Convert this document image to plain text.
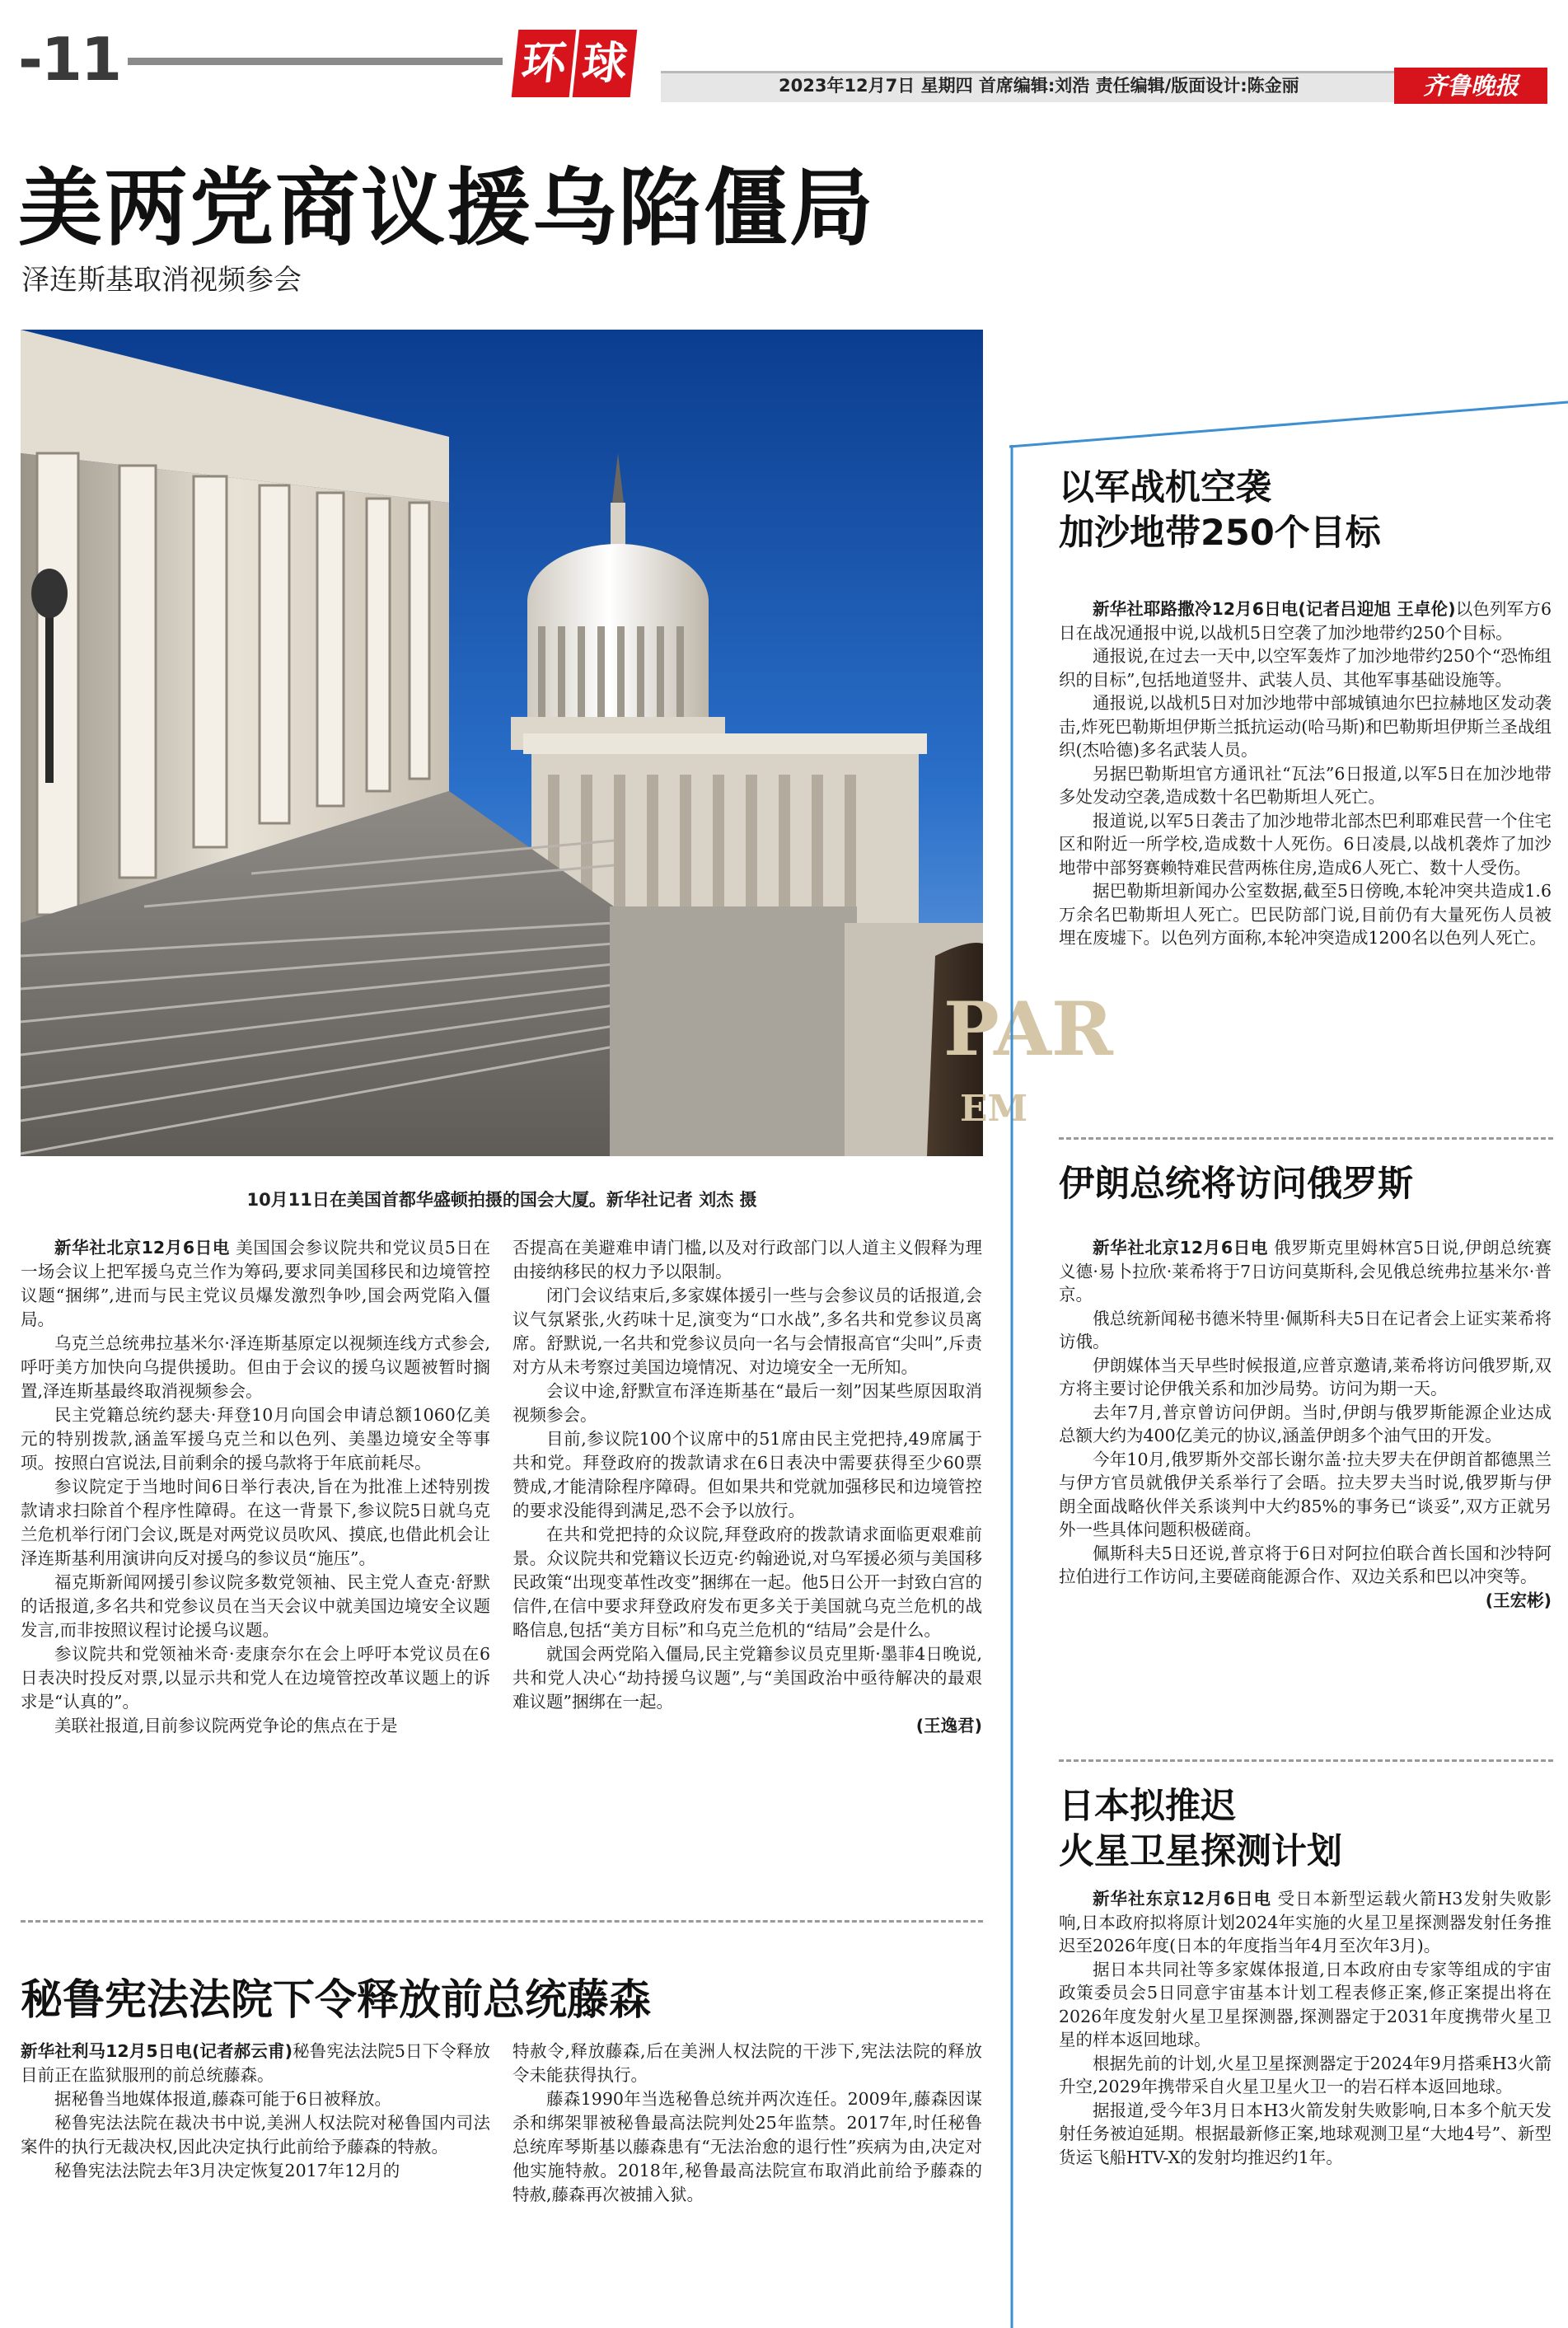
-11	环 球	2023年12月7日 星期四 首席编辑:刘浩 责任编辑/版面设计:陈金丽	齐鲁晚报
美两党商议援乌陷僵局
泽连斯基取消视频参会
PAR
EM
10月11日在美国首都华盛顿拍摄的国会大厦。新华社记者 刘杰 摄

新华社北京12月6日电 美国国会参议院共和党议员5日在一场会议上把军援乌克兰作为筹码,要求同美国移民和边境管控议题“捆绑”,进而与民主党议员爆发激烈争吵,国会两党陷入僵局。

乌克兰总统弗拉基米尔·泽连斯基原定以视频连线方式参会,呼吁美方加快向乌提供援助。但由于会议的援乌议题被暂时搁置,泽连斯基最终取消视频参会。

民主党籍总统约瑟夫·拜登10月向国会申请总额1060亿美元的特别拨款,涵盖军援乌克兰和以色列、美墨边境安全等事项。按照白宫说法,目前剩余的援乌款将于年底前耗尽。

参议院定于当地时间6日举行表决,旨在为批准上述特别拨款请求扫除首个程序性障碍。在这一背景下,参议院5日就乌克兰危机举行闭门会议,既是对两党议员吹风、摸底,也借此机会让泽连斯基利用演讲向反对援乌的参议员“施压”。

福克斯新闻网援引参议院多数党领袖、民主党人查克·舒默的话报道,多名共和党参议员在当天会议中就美国边境安全议题发言,而非按照议程讨论援乌议题。

参议院共和党领袖米奇·麦康奈尔在会上呼吁本党议员在6日表决时投反对票,以显示共和党人在边境管控改革议题上的诉求是“认真的”。

美联社报道,目前参议院两党争论的焦点在于是

否提高在美避难申请门槛,以及对行政部门以人道主义假释为理由接纳移民的权力予以限制。

闭门会议结束后,多家媒体援引一些与会参议员的话报道,会议气氛紧张,火药味十足,演变为“口水战”,多名共和党参议员离席。舒默说,一名共和党参议员向一名与会情报高官“尖叫”,斥责对方从未考察过美国边境情况、对边境安全一无所知。

会议中途,舒默宣布泽连斯基在“最后一刻”因某些原因取消视频参会。

目前,参议院100个议席中的51席由民主党把持,49席属于共和党。拜登政府的拨款请求在6日表决中需要获得至少60票赞成,才能清除程序障碍。但如果共和党就加强移民和边境管控的要求没能得到满足,恐不会予以放行。

在共和党把持的众议院,拜登政府的拨款请求面临更艰难前景。众议院共和党籍议长迈克·约翰逊说,对乌军援必须与美国移民政策“出现变革性改变”捆绑在一起。他5日公开一封致白宫的信件,在信中要求拜登政府发布更多关于美国就乌克兰危机的战略信息,包括“美方目标”和乌克兰危机的“结局”会是什么。

就国会两党陷入僵局,民主党籍参议员克里斯·墨菲4日晚说,共和党人决心“劫持援乌议题”,与“美国政治中亟待解决的最艰难议题”捆绑在一起。

(王逸君)
秘鲁宪法法院下令释放前总统藤森

新华社利马12月5日电(记者郝云甫)秘鲁宪法法院5日下令释放目前正在监狱服刑的前总统藤森。

据秘鲁当地媒体报道,藤森可能于6日被释放。

秘鲁宪法法院在裁决书中说,美洲人权法院对秘鲁国内司法案件的执行无裁决权,因此决定执行此前给予藤森的特赦。

秘鲁宪法法院去年3月决定恢复2017年12月的

特赦令,释放藤森,后在美洲人权法院的干涉下,宪法法院的释放令未能获得执行。

藤森1990年当选秘鲁总统并两次连任。2009年,藤森因谋杀和绑架罪被秘鲁最高法院判处25年监禁。2017年,时任秘鲁总统库琴斯基以藤森患有“无法治愈的退行性”疾病为由,决定对他实施特赦。2018年,秘鲁最高法院宣布取消此前给予藤森的特赦,藤森再次被捕入狱。

以军战机空袭
加沙地带250个目标

新华社耶路撒冷12月6日电(记者吕迎旭 王卓伦)以色列军方6日在战况通报中说,以战机5日空袭了加沙地带约250个目标。

通报说,在过去一天中,以空军轰炸了加沙地带约250个“恐怖组织的目标”,包括地道竖井、武装人员、其他军事基础设施等。

通报说,以战机5日对加沙地带中部城镇迪尔巴拉赫地区发动袭击,炸死巴勒斯坦伊斯兰抵抗运动(哈马斯)和巴勒斯坦伊斯兰圣战组织(杰哈德)多名武装人员。

另据巴勒斯坦官方通讯社“瓦法”6日报道,以军5日在加沙地带多处发动空袭,造成数十名巴勒斯坦人死亡。

报道说,以军5日袭击了加沙地带北部杰巴利耶难民营一个住宅区和附近一所学校,造成数十人死伤。6日凌晨,以战机袭炸了加沙地带中部努赛赖特难民营两栋住房,造成6人死亡、数十人受伤。

据巴勒斯坦新闻办公室数据,截至5日傍晚,本轮冲突共造成1.6万余名巴勒斯坦人死亡。巴民防部门说,目前仍有大量死伤人员被埋在废墟下。以色列方面称,本轮冲突造成1200名以色列人死亡。

伊朗总统将访问俄罗斯

新华社北京12月6日电 俄罗斯克里姆林宫5日说,伊朗总统赛义德·易卜拉欣·莱希将于7日访问莫斯科,会见俄总统弗拉基米尔·普京。

俄总统新闻秘书德米特里·佩斯科夫5日在记者会上证实莱希将访俄。

伊朗媒体当天早些时候报道,应普京邀请,莱希将访问俄罗斯,双方将主要讨论伊俄关系和加沙局势。访问为期一天。

去年7月,普京曾访问伊朗。当时,伊朗与俄罗斯能源企业达成总额大约为400亿美元的协议,涵盖伊朗多个油气田的开发。

今年10月,俄罗斯外交部长谢尔盖·拉夫罗夫在伊朗首都德黑兰与伊方官员就俄伊关系举行了会晤。拉夫罗夫当时说,俄罗斯与伊朗全面战略伙伴关系谈判中大约85%的事务已“谈妥”,双方正就另外一些具体问题积极磋商。

佩斯科夫5日还说,普京将于6日对阿拉伯联合酋长国和沙特阿拉伯进行工作访问,主要磋商能源合作、双边关系和巴以冲突等。

(王宏彬)
日本拟推迟
火星卫星探测计划

新华社东京12月6日电 受日本新型运载火箭H3发射失败影响,日本政府拟将原计划2024年实施的火星卫星探测器发射任务推迟至2026年度(日本的年度指当年4月至次年3月)。

据日本共同社等多家媒体报道,日本政府由专家等组成的宇宙政策委员会5日同意宇宙基本计划工程表修正案,修正案提出将在2026年度发射火星卫星探测器,探测器定于2031年度携带火星卫星的样本返回地球。

根据先前的计划,火星卫星探测器定于2024年9月搭乘H3火箭升空,2029年携带采自火星卫星火卫一的岩石样本返回地球。

据报道,受今年3月日本H3火箭发射失败影响,日本多个航天发射任务被迫延期。根据最新修正案,地球观测卫星“大地4号”、新型货运飞船HTV-X的发射均推迟约1年。
